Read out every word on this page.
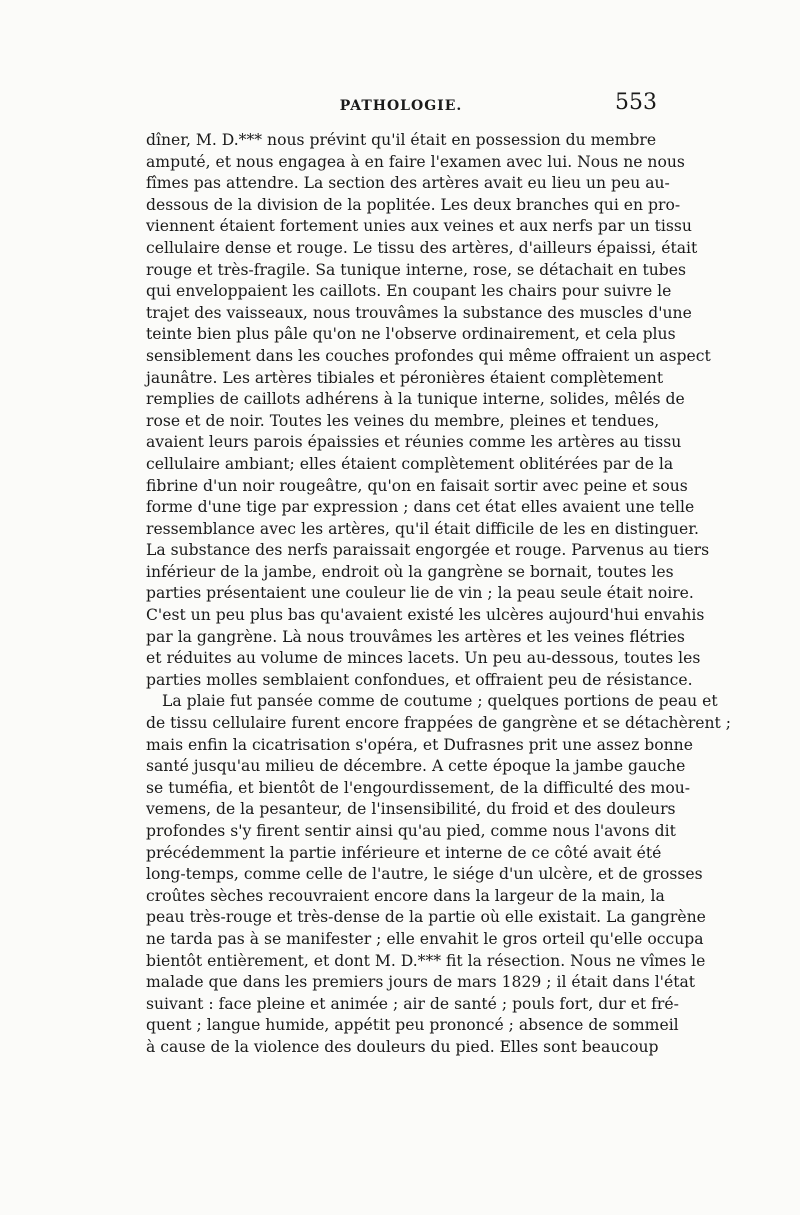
PATHOLOGIE.	553
dîner, M. D.*** nous prévint qu'il était en possession du membre
amputé, et nous engagea à en faire l'examen avec lui. Nous ne nous
fîmes pas attendre. La section des artères avait eu lieu un peu au-
dessous de la division de la poplitée. Les deux branches qui en pro-
viennent étaient fortement unies aux veines et aux nerfs par un tissu
cellulaire dense et rouge. Le tissu des artères, d'ailleurs épaissi, était
rouge et très-fragile. Sa tunique interne, rose, se détachait en tubes
qui enveloppaient les caillots. En coupant les chairs pour suivre le
trajet des vaisseaux, nous trouvâmes la substance des muscles d'une
teinte bien plus pâle qu'on ne l'observe ordinairement, et cela plus
sensiblement dans les couches profondes qui même offraient un aspect
jaunâtre. Les artères tibiales et péronières étaient complètement
remplies de caillots adhérens à la tunique interne, solides, mêlés de
rose et de noir. Toutes les veines du membre, pleines et tendues,
avaient leurs parois épaissies et réunies comme les artères au tissu
cellulaire ambiant; elles étaient complètement oblitérées par de la
fibrine d'un noir rougeâtre, qu'on en faisait sortir avec peine et sous
forme d'une tige par expression ; dans cet état elles avaient une telle
ressemblance avec les artères, qu'il était difficile de les en distinguer.
La substance des nerfs paraissait engorgée et rouge. Parvenus au tiers
inférieur de la jambe, endroit où la gangrène se bornait, toutes les
parties présentaient une couleur lie de vin ; la peau seule était noire.
C'est un peu plus bas qu'avaient existé les ulcères aujourd'hui envahis
par la gangrène. Là nous trouvâmes les artères et les veines flétries
et réduites au volume de minces lacets. Un peu au-dessous, toutes les
parties molles semblaient confondues, et offraient peu de résistance.
La plaie fut pansée comme de coutume ; quelques portions de peau et
de tissu cellulaire furent encore frappées de gangrène et se détachèrent ;
mais enfin la cicatrisation s'opéra, et Dufrasnes prit une assez bonne
santé jusqu'au milieu de décembre. A cette époque la jambe gauche
se tuméfia, et bientôt de l'engourdissement, de la difficulté des mou-
vemens, de la pesanteur, de l'insensibilité, du froid et des douleurs
profondes s'y firent sentir ainsi qu'au pied, comme nous l'avons dit
précédemment la partie inférieure et interne de ce côté avait été
long-temps, comme celle de l'autre, le siége d'un ulcère, et de grosses
croûtes sèches recouvraient encore dans la largeur de la main, la
peau très-rouge et très-dense de la partie où elle existait. La gangrène
ne tarda pas à se manifester ; elle envahit le gros orteil qu'elle occupa
bientôt entièrement, et dont M. D.*** fit la résection. Nous ne vîmes le
malade que dans les premiers jours de mars 1829 ; il était dans l'état
suivant : face pleine et animée ; air de santé ; pouls fort, dur et fré-
quent ; langue humide, appétit peu prononcé ; absence de sommeil
à cause de la violence des douleurs du pied. Elles sont beaucoup
